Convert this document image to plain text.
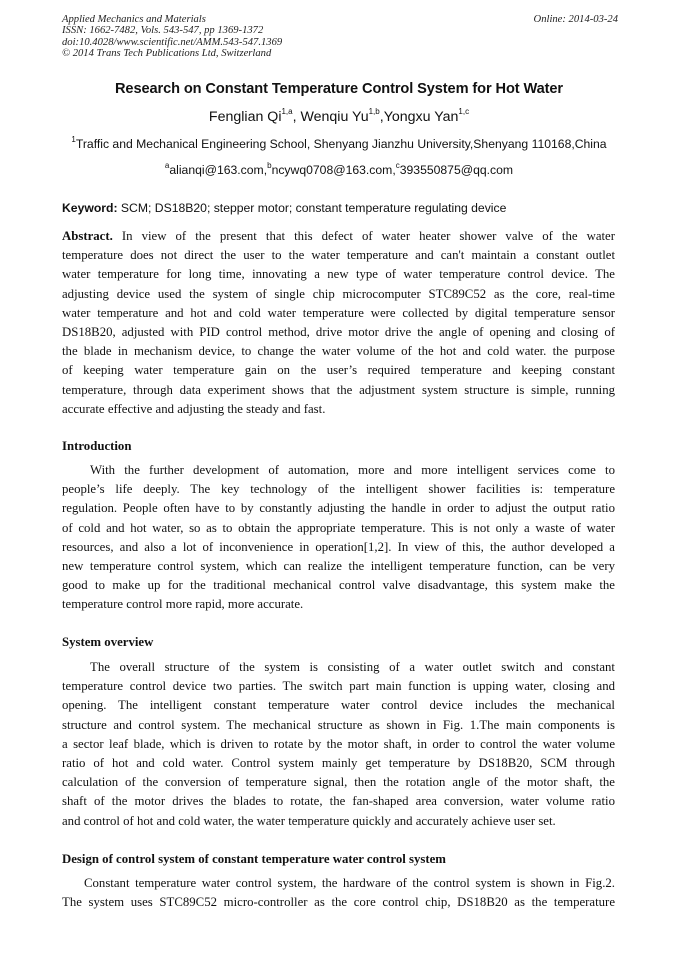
Applied Mechanics and Materials
ISSN: 1662-7482, Vols. 543-547, pp 1369-1372
doi:10.4028/www.scientific.net/AMM.543-547.1369
© 2014 Trans Tech Publications Ltd, Switzerland
Online: 2014-03-24
Research on Constant Temperature Control System for Hot Water
Fenglian Qi$^{1,a}$, Wenqiu Yu$^{1,b}$,Yongxu Yan$^{1,c}$
$^1$Traffic and Mechanical Engineering School, Shenyang Jianzhu University,Shenyang 110168,China
$^a$alianqi@163.com,$^b$ncywq0708@163.com,$^c$393550875@qq.com
Keyword: SCM; DS18B20; stepper motor; constant temperature regulating device
Abstract. In view of the present that this defect of water heater shower valve of the water
temperature does not direct the user to the water temperature and can't maintain a constant outlet
water temperature for long time, innovating a new type of water temperature control device. The
adjusting device used the system of single chip microcomputer STC89C52 as the core, real-time
water temperature and hot and cold water temperature were collected by digital temperature sensor
DS18B20, adjusted with PID control method, drive motor drive the angle of opening and closing of
the blade in mechanism device, to change the water volume of the hot and cold water. the purpose
of keeping water temperature gain on the user’s required temperature and keeping constant
temperature, through data experiment shows that the adjustment system structure is simple, running
accurate effective and adjusting the steady and fast.
Introduction
With the further development of automation, more and more intelligent services come to
people’s life deeply. The key technology of the intelligent shower facilities is: temperature
regulation. People often have to by constantly adjusting the handle in order to adjust the output ratio
of cold and hot water, so as to obtain the appropriate temperature. This is not only a waste of water
resources, and also a lot of inconvenience in operation[1,2]. In view of this, the author developed a
new temperature control system, which can realize the intelligent temperature function, can be very
good to make up for the traditional mechanical control valve disadvantage, this system make the
temperature control more rapid, more accurate.
System overview
The overall structure of the system is consisting of a water outlet switch and constant
temperature control device two parties. The switch part main function is upping water, closing and
opening. The intelligent constant temperature water control device includes the mechanical
structure and control system. The mechanical structure as shown in Fig. 1.The main components is
a sector leaf blade, which is driven to rotate by the motor shaft, in order to control the water volume
ratio of hot and cold water. Control system mainly get temperature by DS18B20, SCM through
calculation of the conversion of temperature signal, then the rotation angle of the motor shaft, the
shaft of the motor drives the blades to rotate, the fan-shaped area conversion, water volume ratio
and control of hot and cold water, the water temperature quickly and accurately achieve user set.
Design of control system of constant temperature water control system
Constant temperature water control system, the hardware of the control system is shown in Fig.2.
The system uses STC89C52 micro-controller as the core control chip, DS18B20 as the temperature
